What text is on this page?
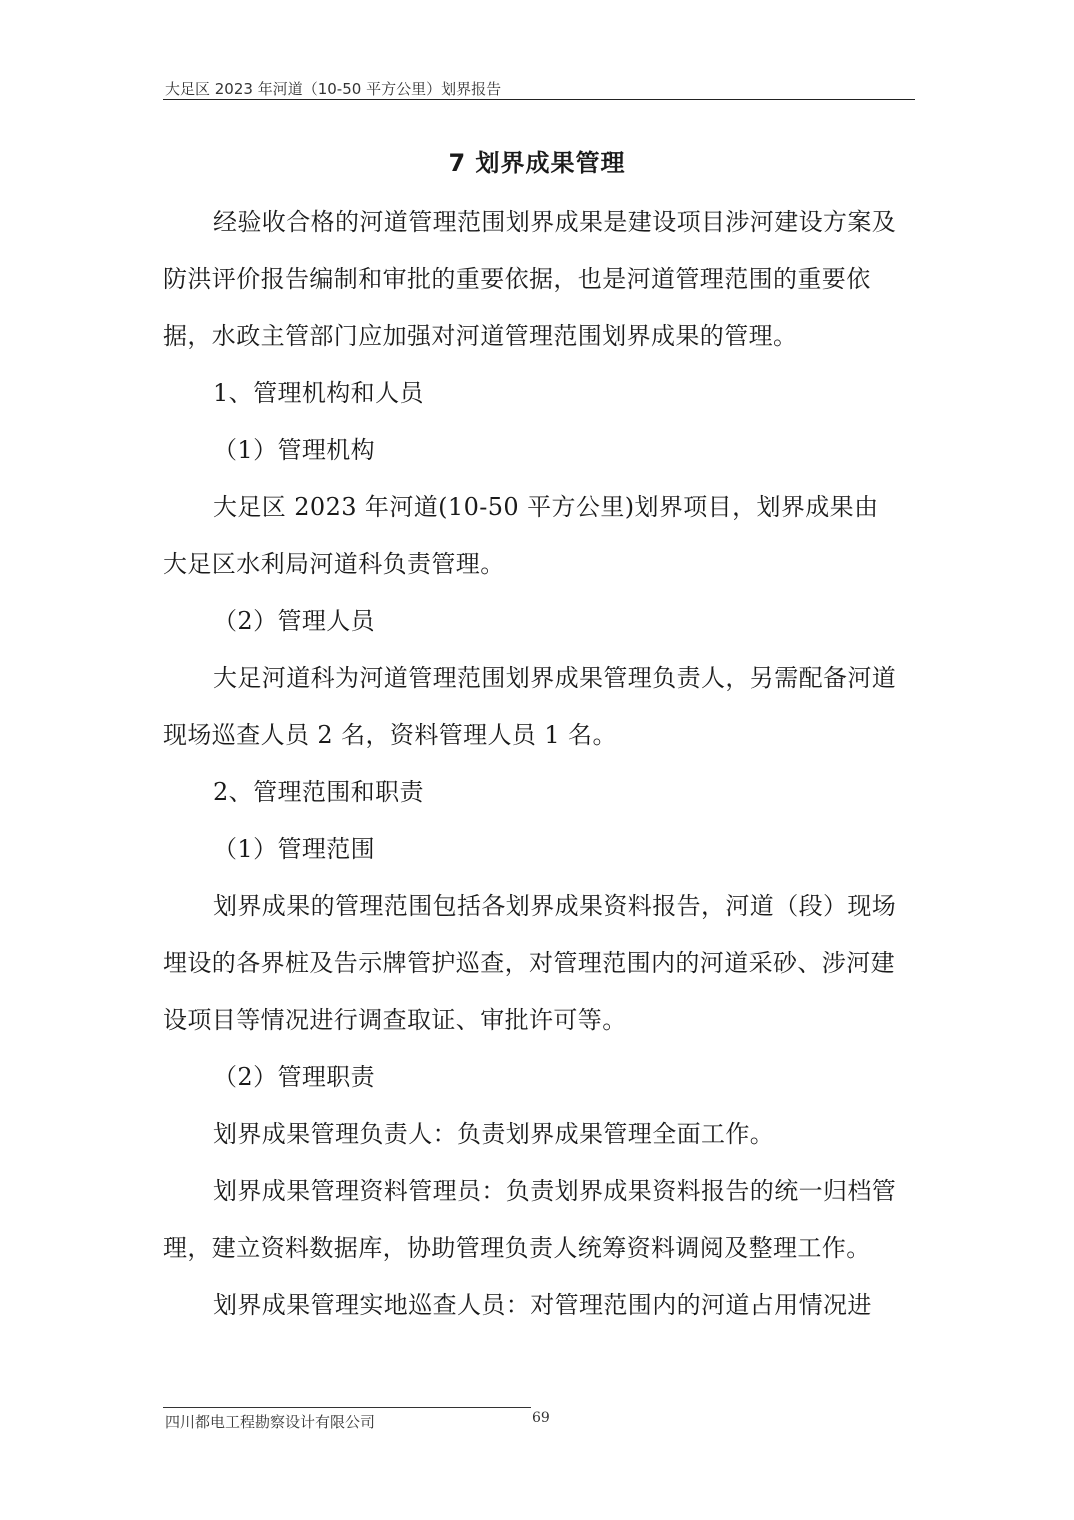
大足区 2023 年河道（10-50 平方公里）划界报告
7 划界成果管理

经验收合格的河道管理范围划界成果是建设项目涉河建设方案及防洪评价报告编制和审批的重要依据，也是河道管理范围的重要依据，水政主管部门应加强对河道管理范围划界成果的管理。

1、管理机构和人员

（1）管理机构

大足区 2023 年河道(10-50 平方公里)划界项目，划界成果由大足区水利局河道科负责管理。

（2）管理人员

大足河道科为河道管理范围划界成果管理负责人，另需配备河道现场巡查人员 2 名，资料管理人员 1 名。

2、管理范围和职责

（1）管理范围

划界成果的管理范围包括各划界成果资料报告，河道（段）现场埋设的各界桩及告示牌管护巡查，对管理范围内的河道采砂、涉河建设项目等情况进行调查取证、审批许可等。

（2）管理职责

划界成果管理负责人：负责划界成果管理全面工作。

划界成果管理资料管理员：负责划界成果资料报告的统一归档管理，建立资料数据库，协助管理负责人统筹资料调阅及整理工作。

划界成果管理实地巡查人员：对管理范围内的河道占用情况进

四川都电工程勘察设计有限公司	69
